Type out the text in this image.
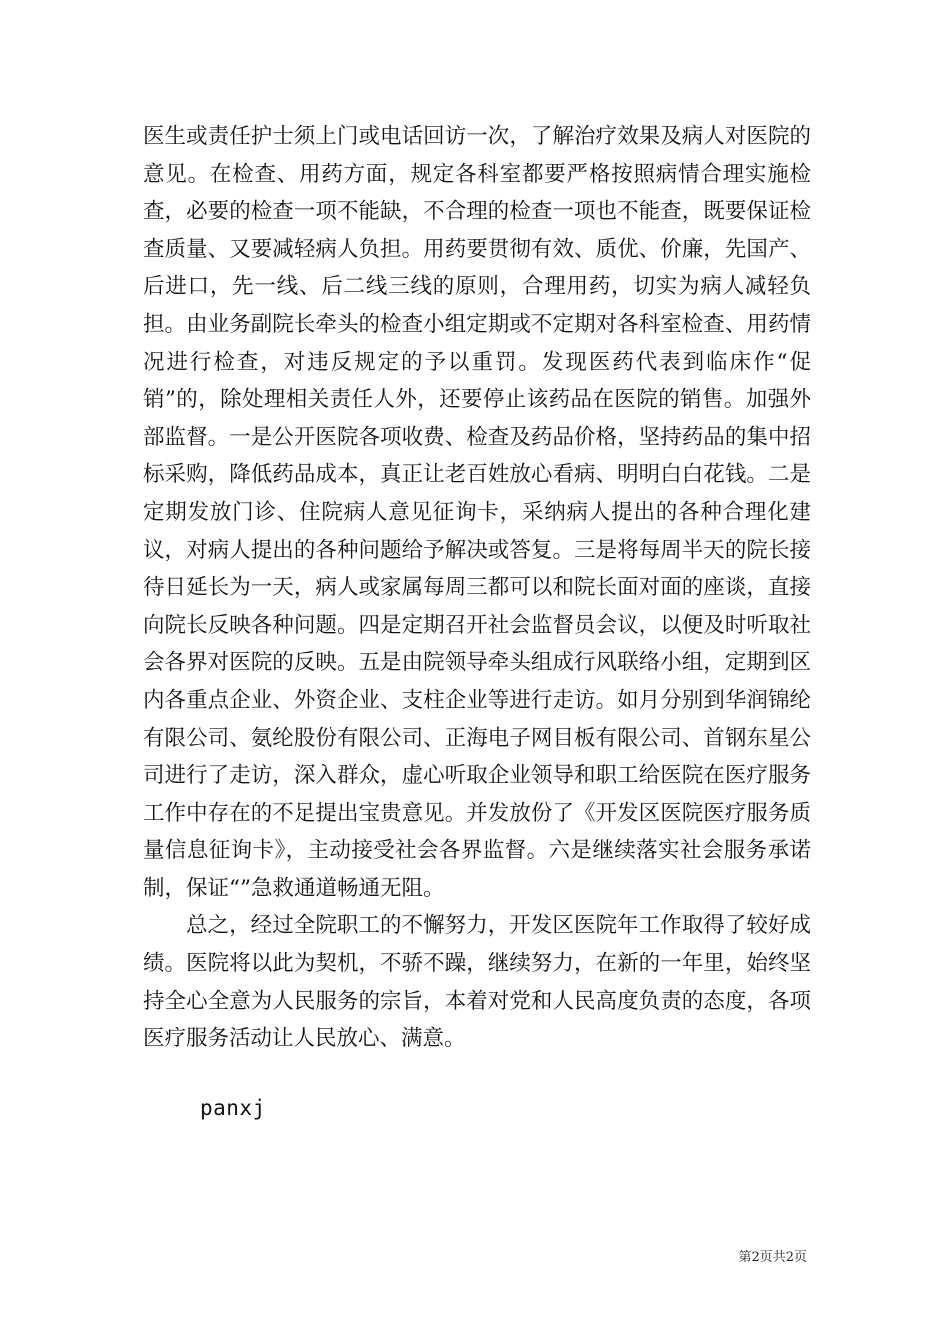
医生或责任护士须上门或电话回访一次，了解治疗效果及病人对医院的意见。在检查、用药方面，规定各科室都要严格按照病情合理实施检查，必要的检查一项不能缺，不合理的检查一项也不能查，既要保证检查质量、又要减轻病人负担。用药要贯彻有效、质优、价廉，先国产、后进口，先一线、后二线三线的原则，合理用药，切实为病人减轻负担。由业务副院长牵头的检查小组定期或不定期对各科室检查、用药情况进行检查，对违反规定的予以重罚。发现医药代表到临床作“促销”的，除处理相关责任人外，还要停止该药品在医院的销售。加强外部监督。一是公开医院各项收费、检查及药品价格，坚持药品的集中招标采购，降低药品成本，真正让老百姓放心看病、明明白白花钱。二是定期发放门诊、住院病人意见征询卡，采纳病人提出的各种合理化建议，对病人提出的各种问题给予解决或答复。三是将每周半天的院长接待日延长为一天，病人或家属每周三都可以和院长面对面的座谈，直接向院长反映各种问题。四是定期召开社会监督员会议，以便及时听取社会各界对医院的反映。五是由院领导牵头组成行风联络小组，定期到区内各重点企业、外资企业、支柱企业等进行走访。如月分别到华润锦纶有限公司、氨纶股份有限公司、正海电子网目板有限公司、首钢东星公司进行了走访，深入群众，虚心听取企业领导和职工给医院在医疗服务工作中存在的不足提出宝贵意见。并发放份了《开发区医院医疗服务质量信息征询卡》，主动接受社会各界监督。六是继续落实社会服务承诺制，保证“”急救通道畅通无阻。

总之，经过全院职工的不懈努力，开发区医院年工作取得了较好成绩。医院将以此为契机，不骄不躁，继续努力，在新的一年里，始终坚持全心全意为人民服务的宗旨，本着对党和人民高度负责的态度，各项医疗服务活动让人民放心、满意。

panxj
第2页共2页
